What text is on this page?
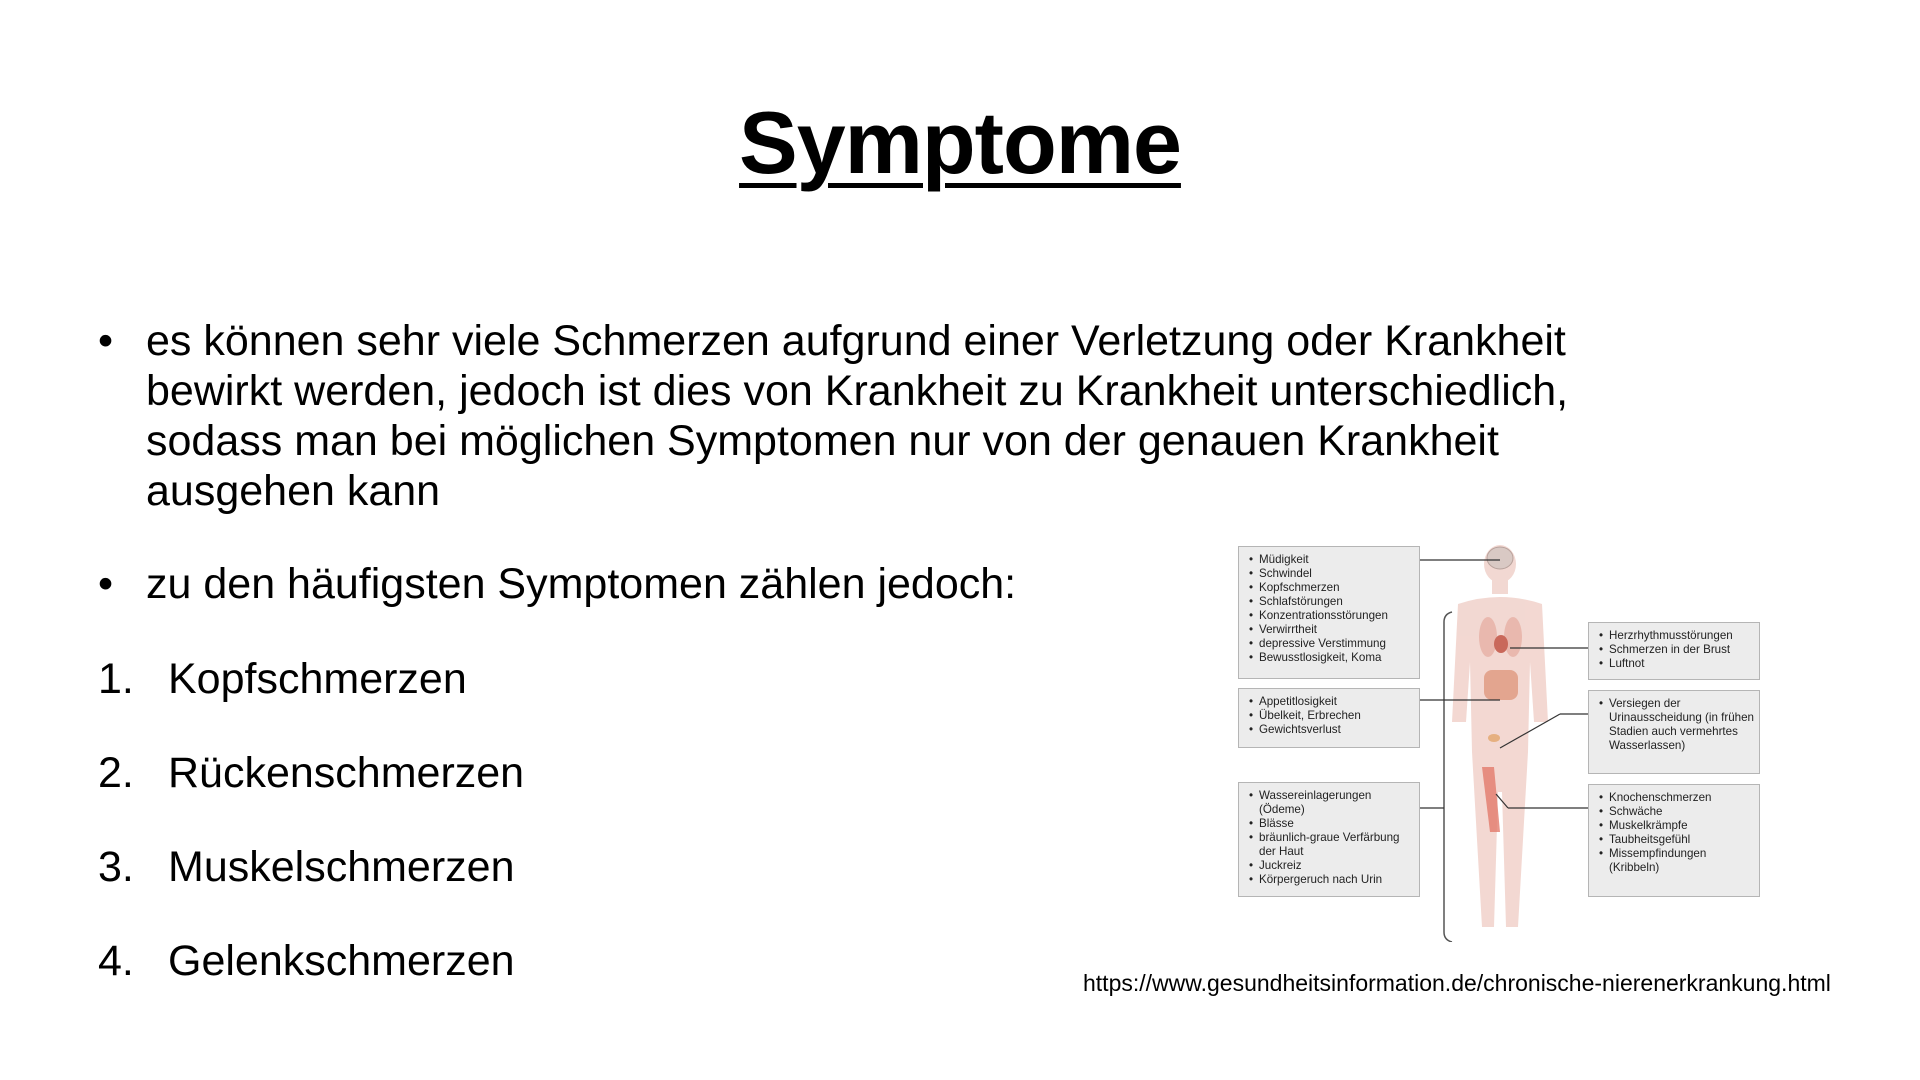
Symptome
• es können sehr viele Schmerzen aufgrund einer Verletzung oder Krankheit
bewirkt werden, jedoch ist dies von Krankheit zu Krankheit unterschiedlich,
sodass man bei möglichen Symptomen nur von der genauen Krankheit
ausgehen kann
• zu den häufigsten Symptomen zählen jedoch:
1. Kopfschmerzen
2. Rückenschmerzen
3. Muskelschmerzen
4. Gelenkschmerzen
• Müdigkeit
• Schwindel
• Kopfschmerzen
• Schlafstörungen
• Konzentrationsstörungen
• Verwirrtheit
• depressive Verstimmung
• Bewusstlosigkeit, Koma
• Appetitlosigkeit
• Übelkeit, Erbrechen
• Gewichtsverlust
• Wassereinlagerungen (Ödeme)
• Blässe
• bräunlich-graue Verfärbung der Haut
• Juckreiz
• Körpergeruch nach Urin
• Herzrhythmusstörungen
• Schmerzen in der Brust
• Luftnot
• Versiegen der Urinausscheidung (in frühen Stadien auch vermehrtes Wasserlassen)
• Knochenschmerzen
• Schwäche
• Muskelkrämpfe
• Taubheitsgefühl
• Missempfindungen (Kribbeln)
https://www.gesundheitsinformation.de/chronische-nierenerkrankung.html
